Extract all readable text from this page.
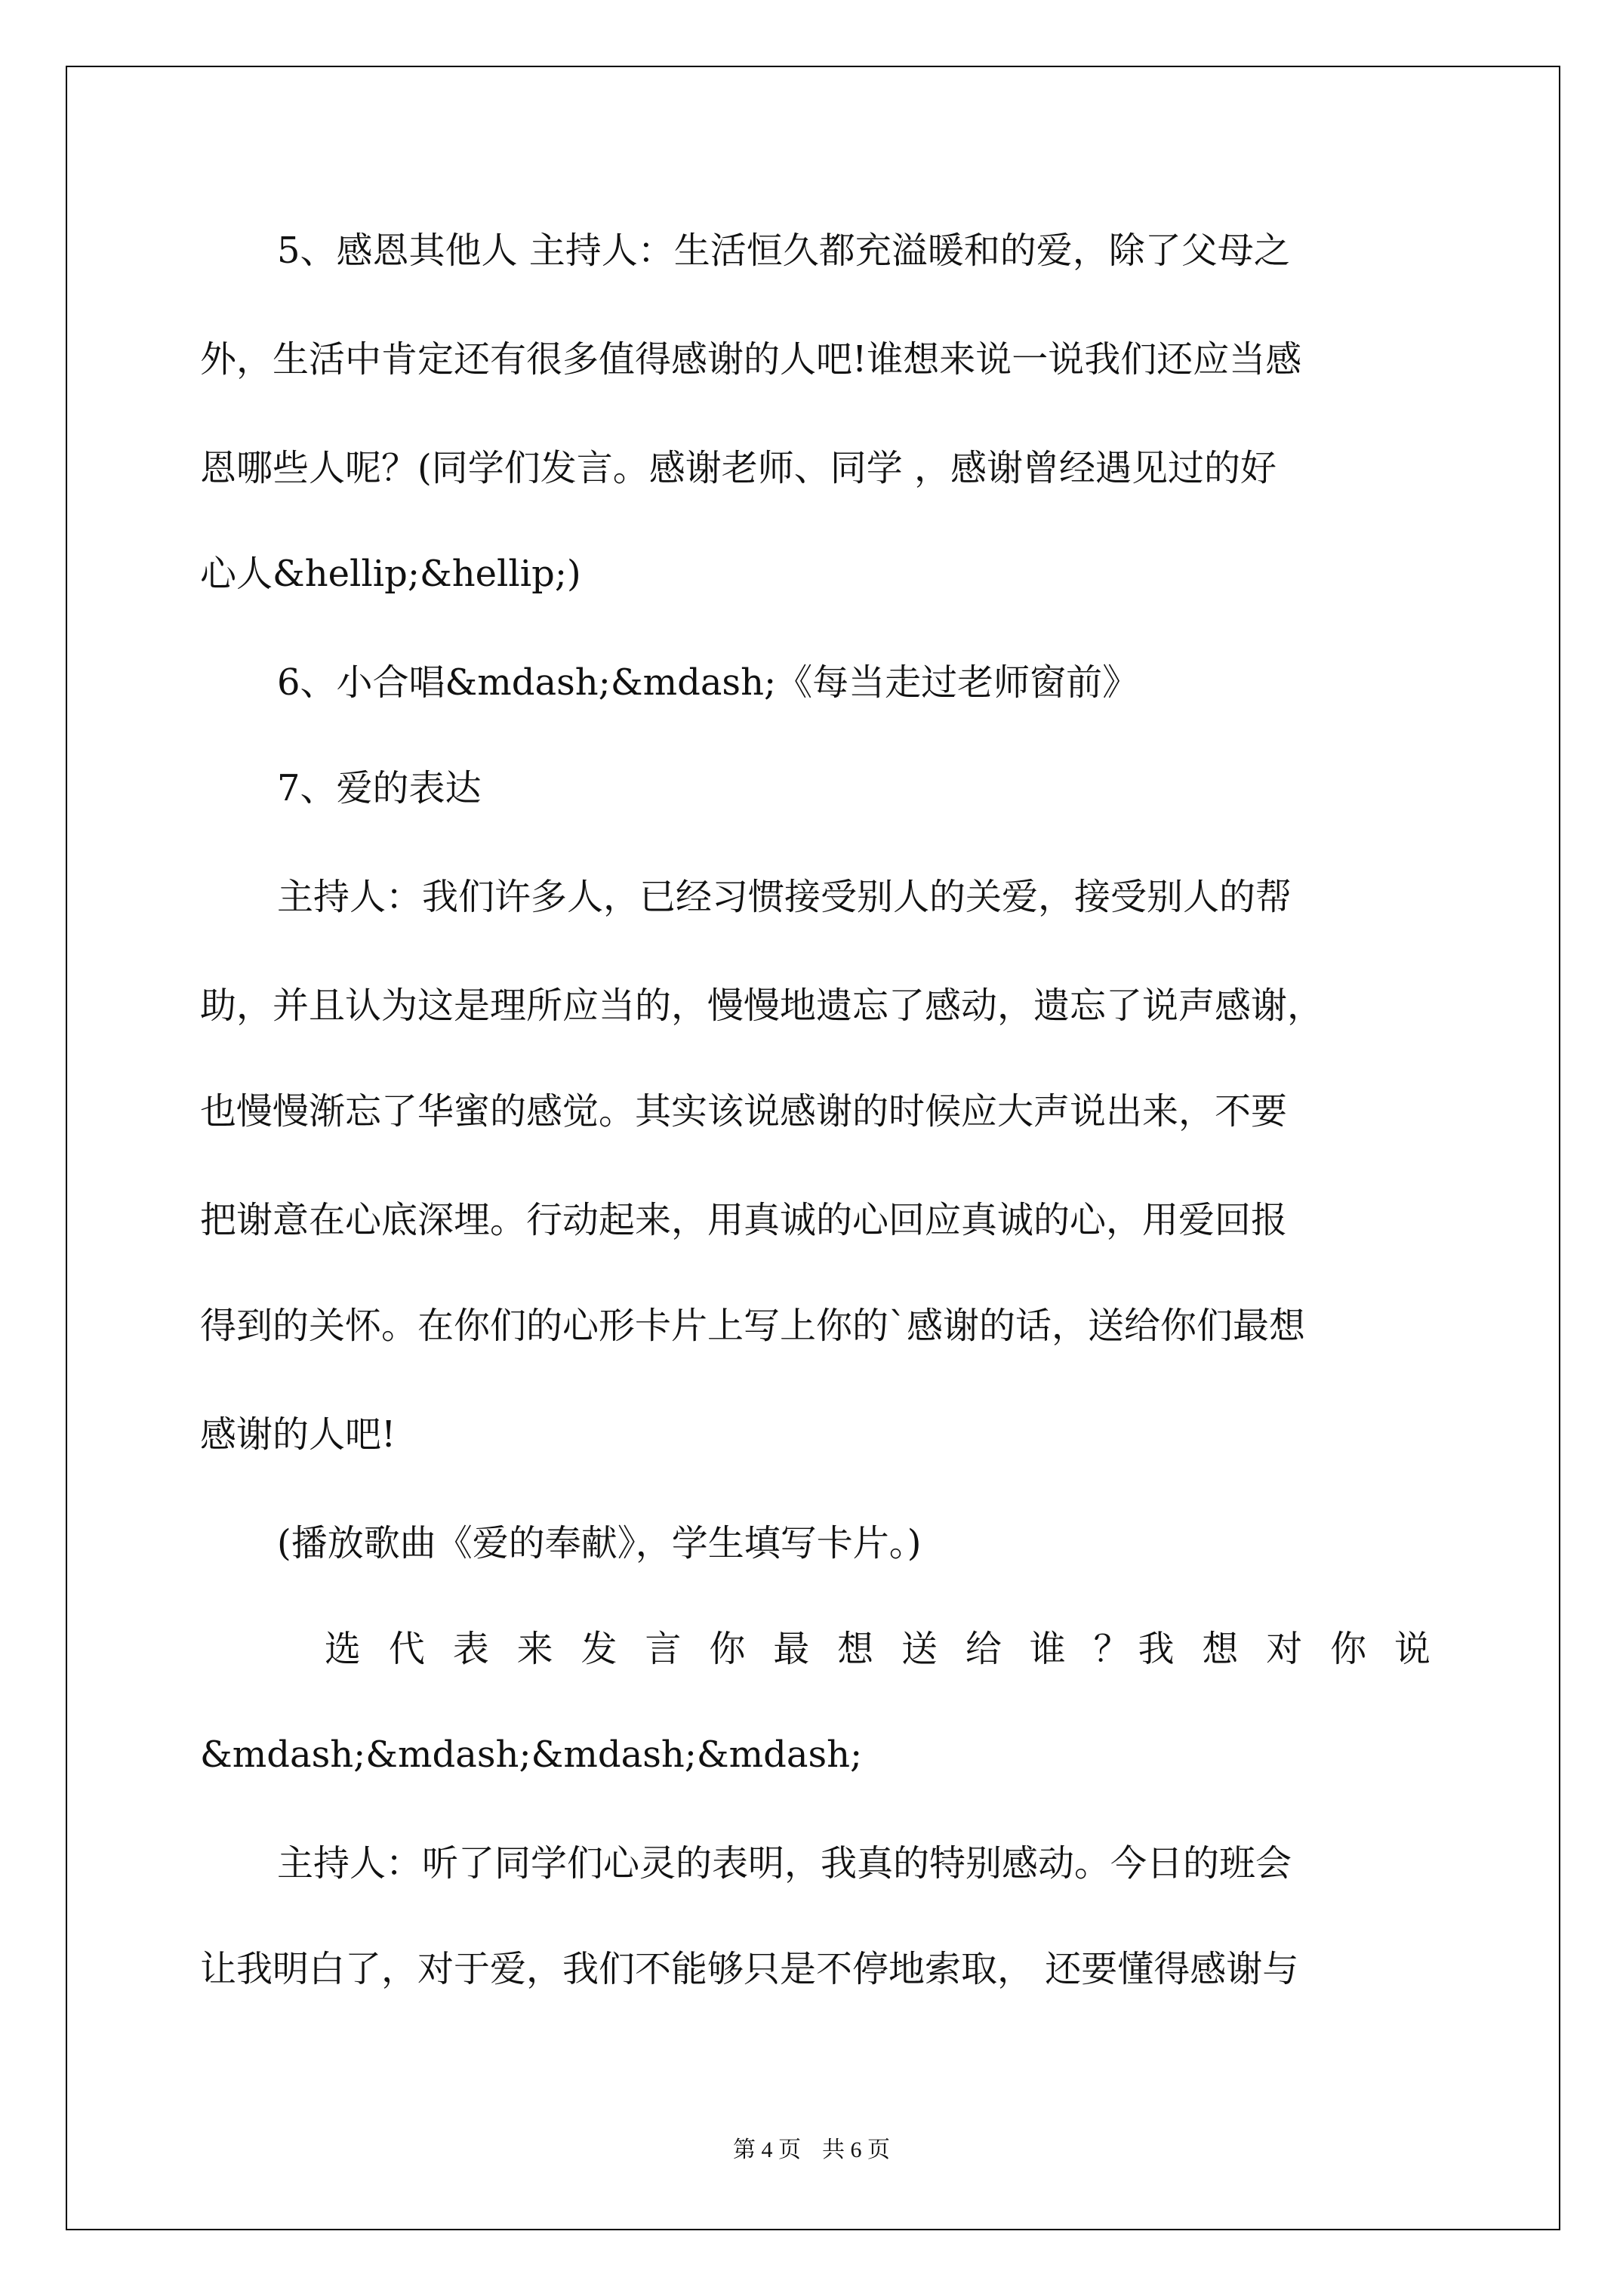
5、感恩其他人 主持人：生活恒久都充溢暖和的爱，除了父母之
外，生活中肯定还有很多值得感谢的人吧!谁想来说一说我们还应当感
恩哪些人呢？(同学们发言。感谢老师、同学 ，感谢曾经遇见过的好
心人&hellip;&hellip;)
6、小合唱&mdash;&mdash;《每当走过老师窗前》
7、爱的表达
主持人：我们许多人，已经习惯接受别人的关爱，接受别人的帮
助，并且认为这是理所应当的，慢慢地遗忘了感动，遗忘了说声感谢，
也慢慢渐忘了华蜜的感觉。其实该说感谢的时候应大声说出来，不要
把谢意在心底深埋。行动起来，用真诚的心回应真诚的心，用爱回报
得到的关怀。在你们的心形卡片上写上你的`感谢的话，送给你们最想
感谢的人吧!
(播放歌曲《爱的奉献》，学生填写卡片。)
选 代 表 来 发 言 你 最 想 送 给 谁 ？我 想 对 你 说
&mdash;&mdash;&mdash;&mdash;
主持人：听了同学们心灵的表明，我真的特别感动。今日的班会
让我明白了，对于爱，我们不能够只是不停地索取， 还要懂得感谢与
第 4 页 共 6 页
